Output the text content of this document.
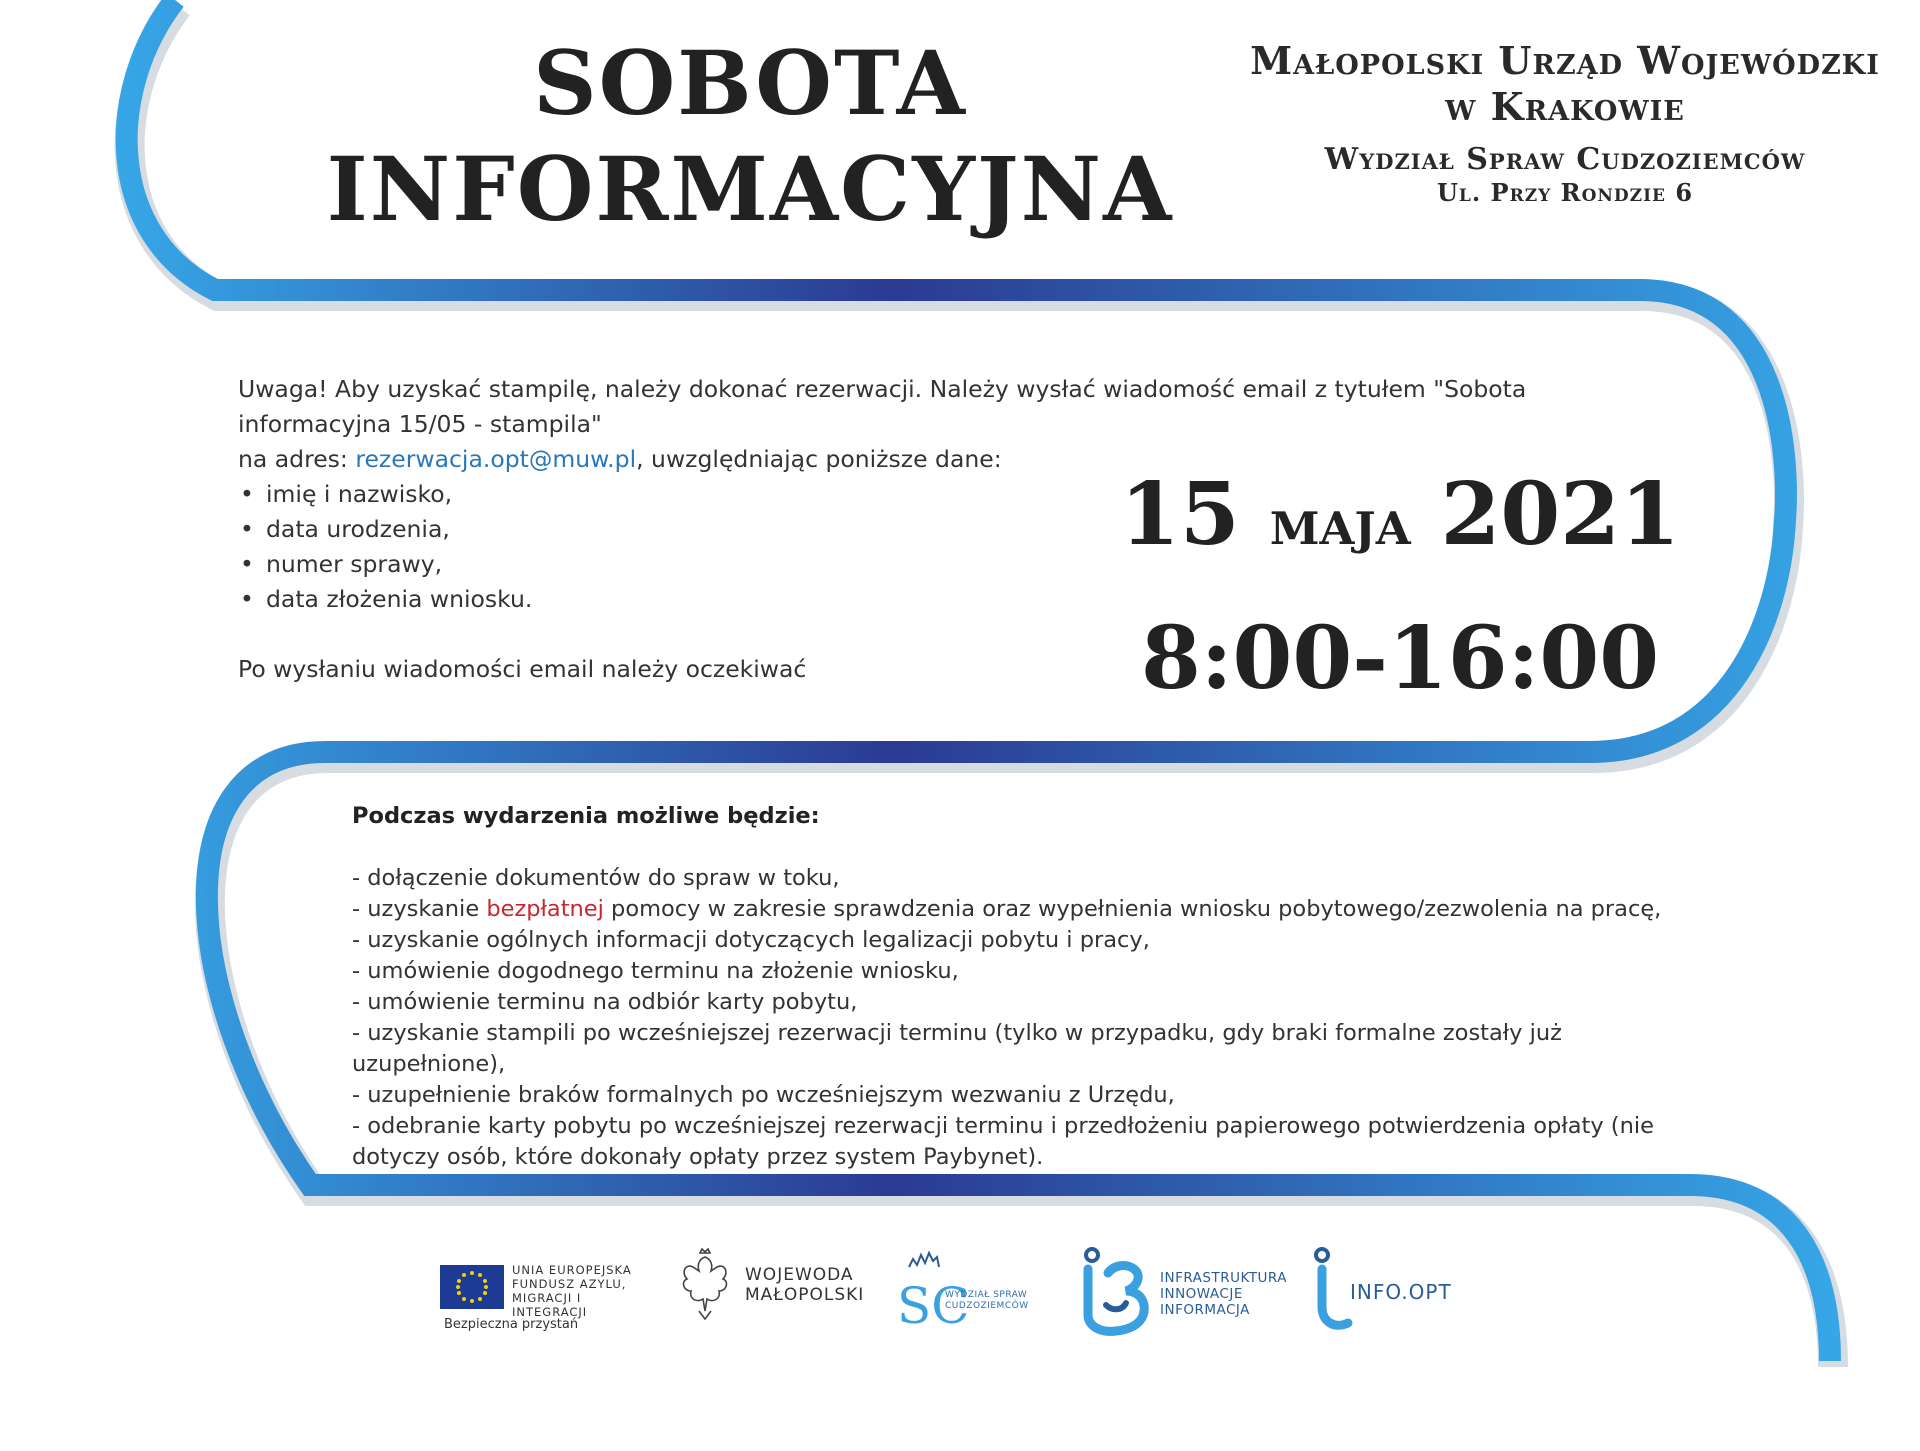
SOBOTA
INFORMACYJNA
Małopolski Urząd Wojewódzki
w Krakowie
Wydział Spraw Cudzoziemców
Ul. Przy Rondzie 6

Uwaga! Aby uzyskać stampilę, należy dokonać rezerwacji. Należy wysłać wiadomość email z tytułem "Sobota informacyjna 15/05 - stampila"

na adres: rezerwacja.opt@muw.pl, uwzględniając poniższe dane:

• imię i nazwisko,
• data urodzenia,
• numer sprawy,
• data złożenia wniosku.

Po wysłaniu wiadomości email należy oczekiwać

15 maja 2021
8:00-16:00
Podczas wydarzenia możliwe będzie:
- dołączenie dokumentów do spraw w toku,
- uzyskanie bezpłatnej pomocy w zakresie sprawdzenia oraz wypełnienia wniosku pobytowego/zezwolenia na pracę,
- uzyskanie ogólnych informacji dotyczących legalizacji pobytu i pracy,
- umówienie dogodnego terminu na złożenie wniosku,
- umówienie terminu na odbiór karty pobytu,
- uzyskanie stampili po wcześniejszej rezerwacji terminu (tylko w przypadku, gdy braki formalne zostały już uzupełnione),
- uzupełnienie braków formalnych po wcześniejszym wezwaniu z Urzędu,
- odebranie karty pobytu po wcześniejszej rezerwacji terminu i przedłożeniu papierowego potwierdzenia opłaty (nie dotyczy osób, które dokonały opłaty przez system Paybynet).
UNIA EUROPEJSKA
FUNDUSZ AZYLU,
MIGRACJI I INTEGRACJI
Bezpieczna przystań
WOJEWODA
MAŁOPOLSKI SC
WYDZIAŁ SPRAW
CUDZOZIEMCÓW
INFRASTRUKTURA
INNOWACJE
INFORMACJA
INFO.OPT
